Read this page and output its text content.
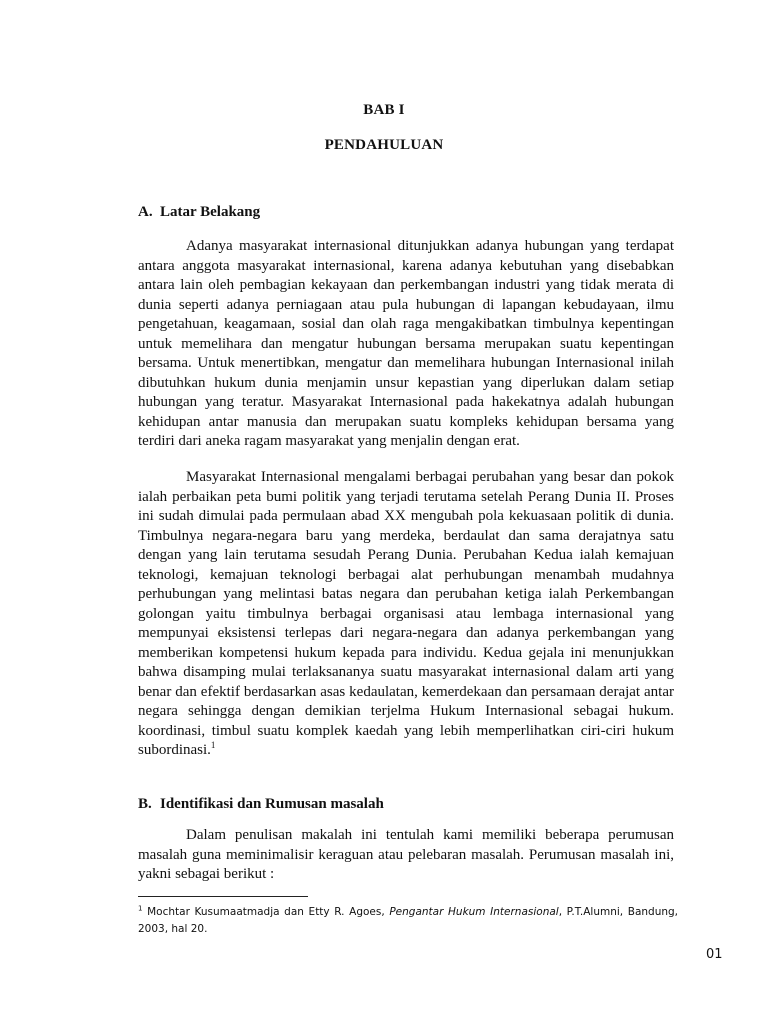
BAB I
PENDAHULUAN
A. Latar Belakang

Adanya masyarakat internasional ditunjukkan adanya hubungan yang terdapat antara anggota masyarakat internasional, karena adanya kebutuhan yang disebabkan antara lain oleh pembagian kekayaan dan perkembangan industri yang tidak merata di dunia seperti adanya perniagaan atau pula hubungan di lapangan kebudayaan, ilmu pengetahuan, keagamaan, sosial dan olah raga mengakibatkan timbulnya kepentingan untuk memelihara dan mengatur hubungan bersama merupakan suatu kepentingan bersama. Untuk menertibkan, mengatur dan memelihara hubungan Internasional inilah dibutuhkan hukum dunia menjamin unsur kepastian yang diperlukan dalam setiap hubungan yang teratur. Masyarakat Internasional pada hakekatnya adalah hubungan kehidupan antar manusia dan merupakan suatu kompleks kehidupan bersama yang terdiri dari aneka ragam masyarakat yang menjalin dengan erat.

Masyarakat Internasional mengalami berbagai perubahan yang besar dan pokok ialah perbaikan peta bumi politik yang terjadi terutama setelah Perang Dunia II. Proses ini sudah dimulai pada permulaan abad XX mengubah pola kekuasaan politik di dunia. Timbulnya negara-negara baru yang merdeka, berdaulat dan sama derajatnya satu dengan yang lain terutama sesudah Perang Dunia. Perubahan Kedua ialah kemajuan teknologi, kemajuan teknologi berbagai alat perhubungan menambah mudahnya perhubungan yang melintasi batas negara dan perubahan ketiga ialah Perkembangan golongan yaitu timbulnya berbagai organisasi atau lembaga internasional yang mempunyai eksistensi terlepas dari negara-negara dan adanya perkembangan yang memberikan kompetensi hukum kepada para individu. Kedua gejala ini menunjukkan bahwa disamping mulai terlaksananya suatu masyarakat internasional dalam arti yang benar dan efektif berdasarkan asas kedaulatan, kemerdekaan dan persamaan derajat antar negara sehingga dengan demikian terjelma Hukum Internasional sebagai hukum. koordinasi, timbul suatu komplek kaedah yang lebih memperlihatkan ciri-ciri hukum subordinasi.$^1$

B. Identifikasi dan Rumusan masalah

Dalam penulisan makalah ini tentulah kami memiliki beberapa perumusan masalah guna meminimalisir keraguan atau pelebaran masalah. Perumusan masalah ini, yakni sebagai berikut :

$^1$ Mochtar Kusumaatmadja dan Etty R. Agoes, Pengantar Hukum Internasional, P.T.Alumni, Bandung, 2003, hal 20.
01
